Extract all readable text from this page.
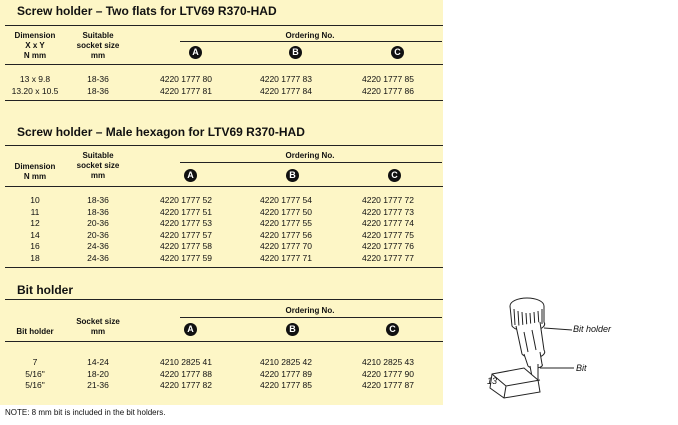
Screw holder – Two flats for LTV69 R370-HAD
Dimension
X x Y
N mm
Suitable
socket size
mm
Ordering No.
A	B	C
13 x 9.8	18-36	4220 1777 80	4220 1777 83	4220 1777 85
13.20 x 10.5	18-36	4220 1777 81	4220 1777 84	4220 1777 86
Screw holder – Male hexagon for LTV69 R370-HAD
Dimension
N mm
Suitable
socket size
mm
Ordering No.
A	B	C
10	18-36	4220 1777 52	4220 1777 54	4220 1777 72
11	18-36	4220 1777 51	4220 1777 50	4220 1777 73
12	20-36	4220 1777 53	4220 1777 55	4220 1777 74
14	20-36	4220 1777 57	4220 1777 56	4220 1777 75
16	24-36	4220 1777 58	4220 1777 70	4220 1777 76
18	24-36	4220 1777 59	4220 1777 71	4220 1777 77
Bit holder
Bit holder
Socket size
mm
Ordering No.
A	B	C
7	14-24	4210 2825 41	4210 2825 42	4210 2825 43
5/16"	18-20	4220 1777 88	4220 1777 89	4220 1777 90
5/16"	21-36	4220 1777 82	4220 1777 85	4220 1777 87
NOTE: 8 mm bit is included in the bit holders.
Bit holder
Bit
13
